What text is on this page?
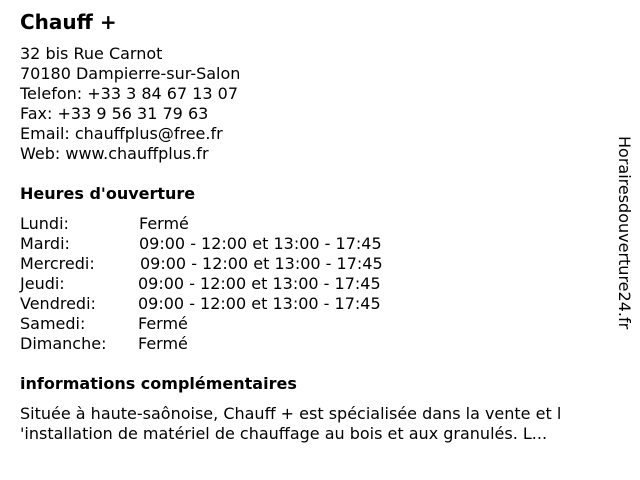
Chauff +
32 bis Rue Carnot
70180 Dampierre-sur-Salon
Telefon: +33 3 84 67 13 07
Fax: +33 9 56 31 79 63
Email: chauffplus@free.fr
Web: www.chauffplus.fr
Heures d'ouverture
Lundi:	Fermé
Mardi:	09:00 - 12:00 et 13:00 - 17:45
Mercredi:	09:00 - 12:00 et 13:00 - 17:45
Jeudi:	09:00 - 12:00 et 13:00 - 17:45
Vendredi:	09:00 - 12:00 et 13:00 - 17:45
Samedi:	Fermé
Dimanche: Fermé
informations complémentaires
Située à haute-saônoise, Chauff + est spécialisée dans la vente et l
'installation de matériel de chauffage au bois et aux granulés. L...
Horairesdouverture24.fr
